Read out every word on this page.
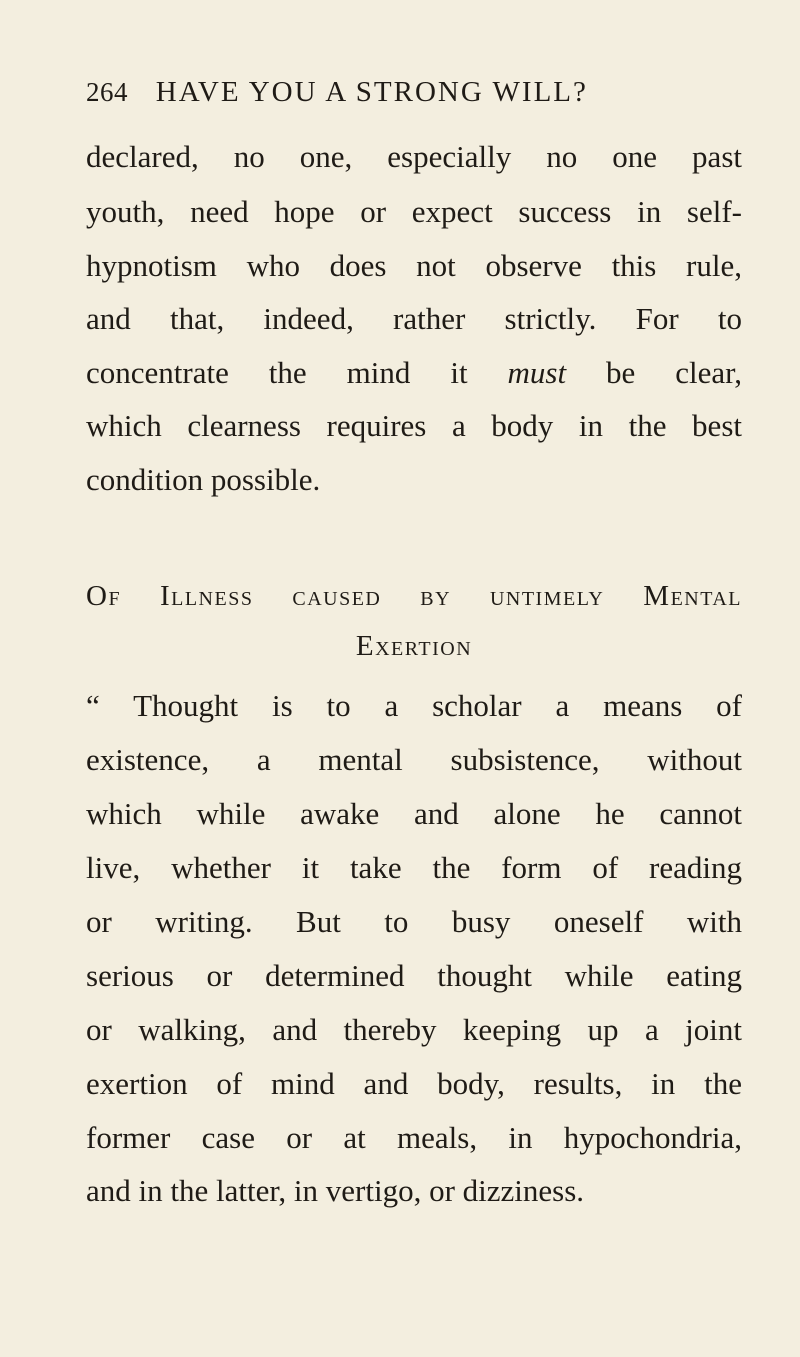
264 HAVE YOU A STRONG WILL?
declared, no one, especially no one past
youth, need hope or expect success in self-
hypnotism who does not observe this rule,
and that, indeed, rather strictly. For to
concentrate the mind it must be clear,
which clearness requires a body in the best
condition possible.
Of Illness caused by untimely Mental
Exertion
“ Thought is to a scholar a means of
existence, a mental subsistence, without
which while awake and alone he cannot
live, whether it take the form of reading
or writing. But to busy oneself with
serious or determined thought while eating
or walking, and thereby keeping up a joint
exertion of mind and body, results, in the
former case or at meals, in hypochondria,
and in the latter, in vertigo, or dizziness.
